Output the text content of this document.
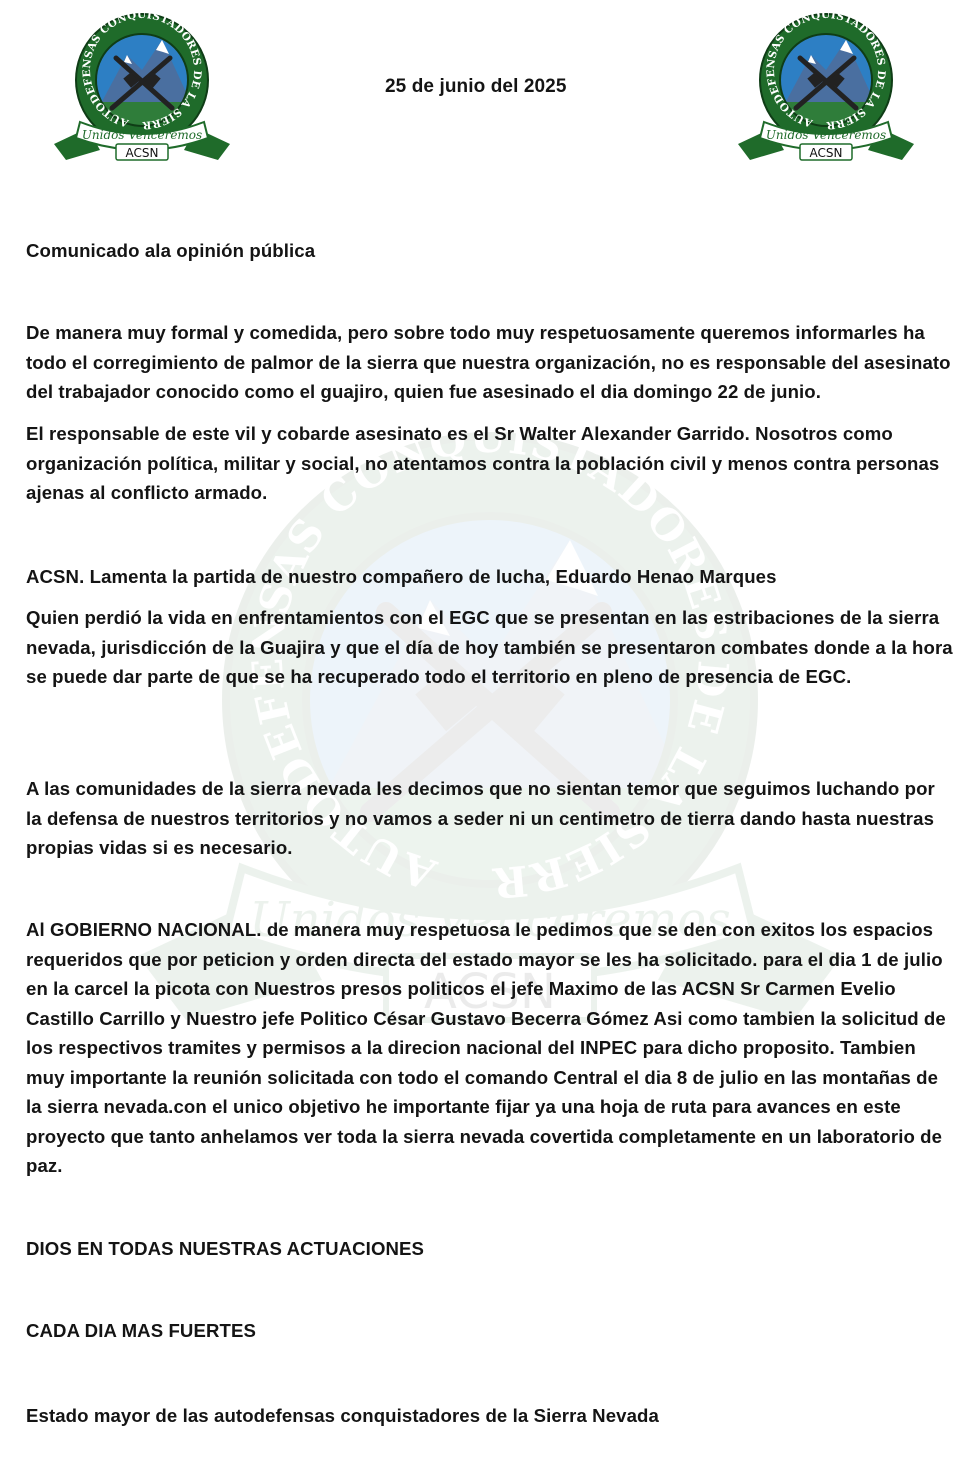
25 de junio del 2025

Comunicado ala opinión pública

De manera muy formal y comedida, pero sobre todo muy respetuosamente queremos informarles ha todo el corregimiento de palmor de la sierra que nuestra organización, no es responsable del asesinato del trabajador conocido como el guajiro, quien fue asesinado el dia domingo 22 de junio.

El responsable de este vil y cobarde asesinato es el Sr Walter Alexander Garrido. Nosotros como organización política, militar y social, no atentamos contra la población civil y menos contra personas ajenas al conflicto armado.

ACSN. Lamenta la partida de nuestro compañero de lucha, Eduardo Henao Marques

Quien perdió la vida en enfrentamientos con el EGC que se presentan en las estribaciones de la sierra nevada, jurisdicción de la Guajira y que el día de hoy también se presentaron combates donde a la hora se puede dar parte de que se ha recuperado todo el territorio en pleno de presencia de EGC.

A las comunidades de la sierra nevada les decimos que no sientan temor que seguimos luchando por la defensa de nuestros territorios y no vamos a seder ni un centimetro de tierra dando hasta nuestras propias vidas si es necesario.

Al GOBIERNO NACIONAL. de manera muy respetuosa le pedimos que se den con exitos los espacios requeridos que por peticion y orden directa del estado mayor se les ha solicitado. para el dia 1 de julio en la carcel la picota con Nuestros presos politicos el jefe Maximo de las ACSN Sr Carmen Evelio Castillo Carrillo y Nuestro jefe Politico César Gustavo Becerra Gómez Asi como tambien la solicitud de los respectivos tramites y permisos a la direcion nacional del INPEC para dicho proposito. Tambien muy importante la reunión solicitada con todo el comando Central el dia 8 de julio en las montañas de la sierra nevada.con el unico objetivo he importante fijar ya una hoja de ruta para avances en este proyecto que tanto anhelamos ver toda la sierra nevada covertida completamente en un laboratorio de paz.

DIOS EN TODAS NUESTRAS ACTUACIONES

CADA DIA MAS FUERTES

Estado mayor de las autodefensas conquistadores de la Sierra Nevada
